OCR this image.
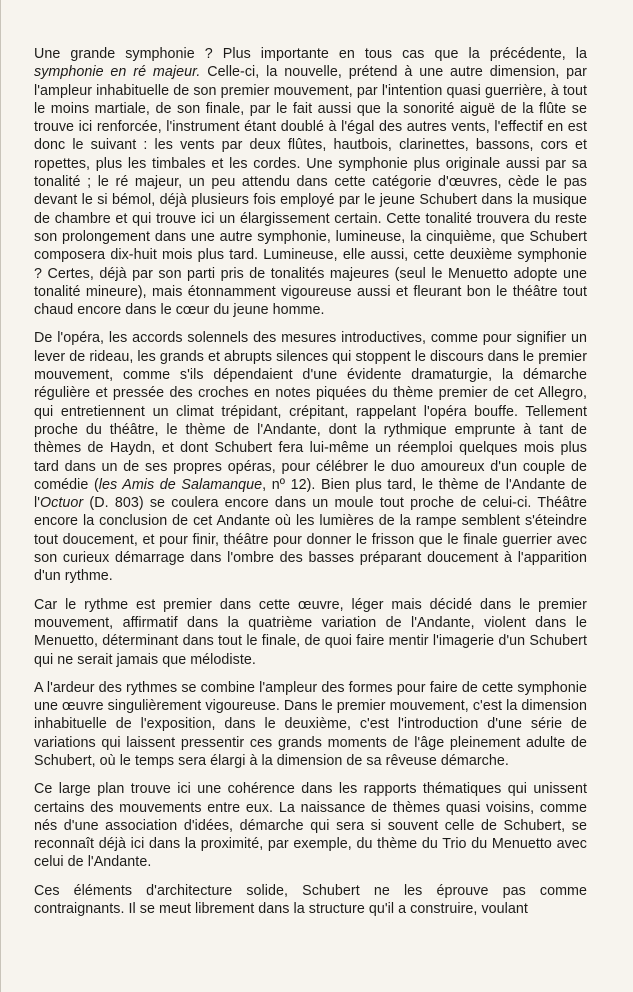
Une grande symphonie ? Plus importante en tous cas que la précédente, la symphonie en ré majeur. Celle-ci, la nouvelle, prétend à une autre dimension, par l'ampleur inhabituelle de son premier mouvement, par l'intention quasi guerrière, à tout le moins martiale, de son finale, par le fait aussi que la sonorité aiguë de la flûte se trouve ici renforcée, l'instrument étant doublé à l'égal des autres vents, l'effectif en est donc le suivant : les vents par deux flûtes, hautbois, clarinettes, bassons, cors et ropettes, plus les timbales et les cordes. Une symphonie plus originale aussi par sa tonalité ; le ré majeur, un peu attendu dans cette catégorie d'œuvres, cède le pas devant le si bémol, déjà plusieurs fois employé par le jeune Schubert dans la musique de chambre et qui trouve ici un élargissement certain. Cette tonalité trouvera du reste son prolongement dans une autre symphonie, lumineuse, la cinquième, que Schubert composera dix-huit mois plus tard. Lumineuse, elle aussi, cette deuxième symphonie ? Certes, déjà par son parti pris de tonalités majeures (seul le Menuetto adopte une tonalité mineure), mais étonnamment vigoureuse aussi et fleurant bon le théâtre tout chaud encore dans le cœur du jeune homme.

De l'opéra, les accords solennels des mesures introductives, comme pour signifier un lever de rideau, les grands et abrupts silences qui stoppent le discours dans le premier mouvement, comme s'ils dépendaient d'une évidente dramaturgie, la démarche régulière et pressée des croches en notes piquées du thème premier de cet Allegro, qui entretiennent un climat trépidant, crépitant, rappelant l'opéra bouffe. Tellement proche du théâtre, le thème de l'Andante, dont la rythmique emprunte à tant de thèmes de Haydn, et dont Schubert fera lui-même un réemploi quelques mois plus tard dans un de ses propres opéras, pour célébrer le duo amoureux d'un couple de comédie (les Amis de Salamanque, nº 12). Bien plus tard, le thème de l'Andante de l'Octuor (D. 803) se coulera encore dans un moule tout proche de celui-ci. Théâtre encore la conclusion de cet Andante où les lumières de la rampe semblent s'éteindre tout doucement, et pour finir, théâtre pour donner le frisson que le finale guerrier avec son curieux démarrage dans l'ombre des basses préparant doucement à l'apparition d'un rythme.

Car le rythme est premier dans cette œuvre, léger mais décidé dans le premier mouvement, affirmatif dans la quatrième variation de l'Andante, violent dans le Menuetto, déterminant dans tout le finale, de quoi faire mentir l'imagerie d'un Schubert qui ne serait jamais que mélodiste.

A l'ardeur des rythmes se combine l'ampleur des formes pour faire de cette symphonie une œuvre singulièrement vigoureuse. Dans le premier mouvement, c'est la dimension inhabituelle de l'exposition, dans le deuxième, c'est l'introduction d'une série de variations qui laissent pressentir ces grands moments de l'âge pleinement adulte de Schubert, où le temps sera élargi à la dimension de sa rêveuse démarche.

Ce large plan trouve ici une cohérence dans les rapports thématiques qui unissent certains des mouvements entre eux. La naissance de thèmes quasi voisins, comme nés d'une association d'idées, démarche qui sera si souvent celle de Schubert, se reconnaît déjà ici dans la proximité, par exemple, du thème du Trio du Menuetto avec celui de l'Andante.

Ces éléments d'architecture solide, Schubert ne les éprouve pas comme contraignants. Il se meut librement dans la structure qu'il a construire, voulant
